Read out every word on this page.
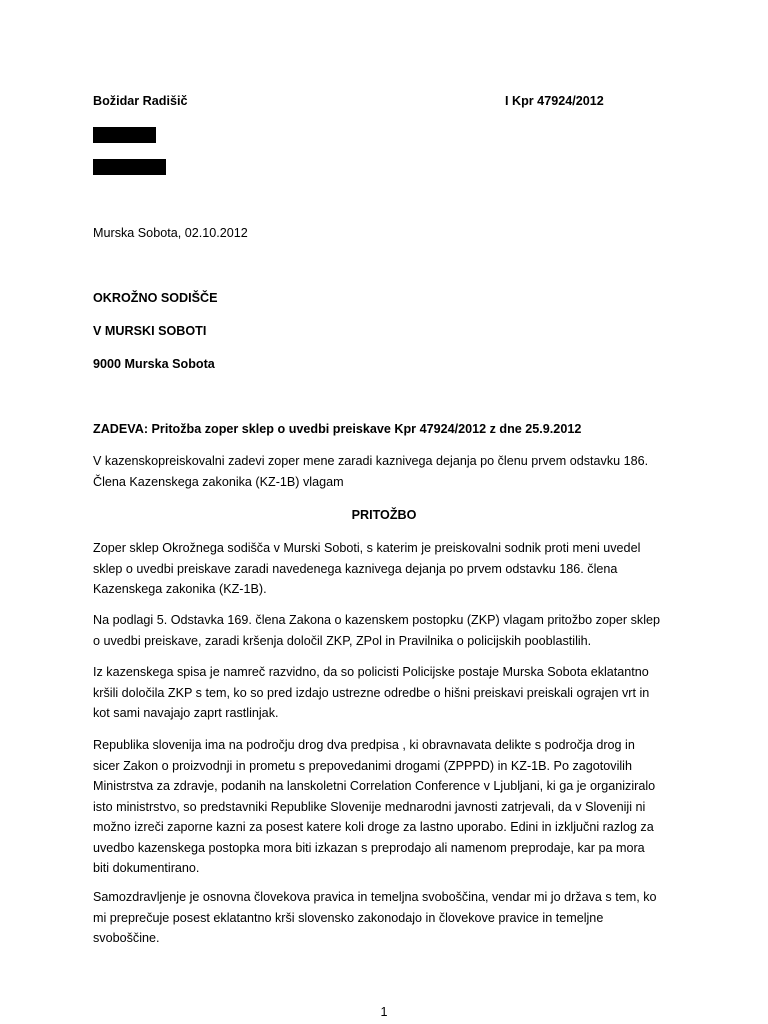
Božidar Radišič	I Kpr 47924/2012
Murska Sobota, 02.10.2012
OKROŽNO SODIŠČE
V MURSKI SOBOTI
9000 Murska Sobota
ZADEVA: Pritožba zoper sklep o uvedbi preiskave Kpr 47924/2012 z dne 25.9.2012
V kazenskopreiskovalni zadevi zoper mene zaradi kaznivega dejanja po členu prvem odstavku 186.
Člena Kazenskega zakonika (KZ-1B) vlagam
PRITOŽBO
Zoper sklep Okrožnega sodišča v Murski Soboti, s katerim je preiskovalni sodnik proti meni uvedel
sklep o uvedbi preiskave zaradi navedenega kaznivega dejanja po prvem odstavku 186. člena
Kazenskega zakonika (KZ-1B).
Na podlagi 5. Odstavka 169. člena Zakona o kazenskem postopku (ZKP) vlagam pritožbo zoper sklep
o uvedbi preiskave, zaradi kršenja določil ZKP, ZPol in Pravilnika o policijskih pooblastilih.
Iz kazenskega spisa je namreč razvidno, da so policisti Policijske postaje Murska Sobota eklatantno
kršili določila ZKP s tem, ko so pred izdajo ustrezne odredbe o hišni preiskavi preiskali ograjen vrt in
kot sami navajajo zaprt rastlinjak.
Republika slovenija ima na področju drog dva predpisa , ki obravnavata delikte s področja drog in
sicer Zakon o proizvodnji in prometu s prepovedanimi drogami (ZPPPD) in KZ-1B. Po zagotovilih
Ministrstva za zdravje, podanih na lanskoletni Correlation Conference v Ljubljani, ki ga je organiziralo
isto ministrstvo, so predstavniki Republike Slovenije mednarodni javnosti zatrjevali, da v Sloveniji ni
možno izreči zaporne kazni za posest katere koli droge za lastno uporabo. Edini in izključni razlog za
uvedbo kazenskega postopka mora biti izkazan s preprodajo ali namenom preprodaje, kar pa mora
biti dokumentirano.
Samozdravljenje je osnovna človekova pravica in temeljna svoboščina, vendar mi jo država s tem, ko
mi preprečuje posest eklatantno krši slovensko zakonodajo in človekove pravice in temeljne
svoboščine.
1
